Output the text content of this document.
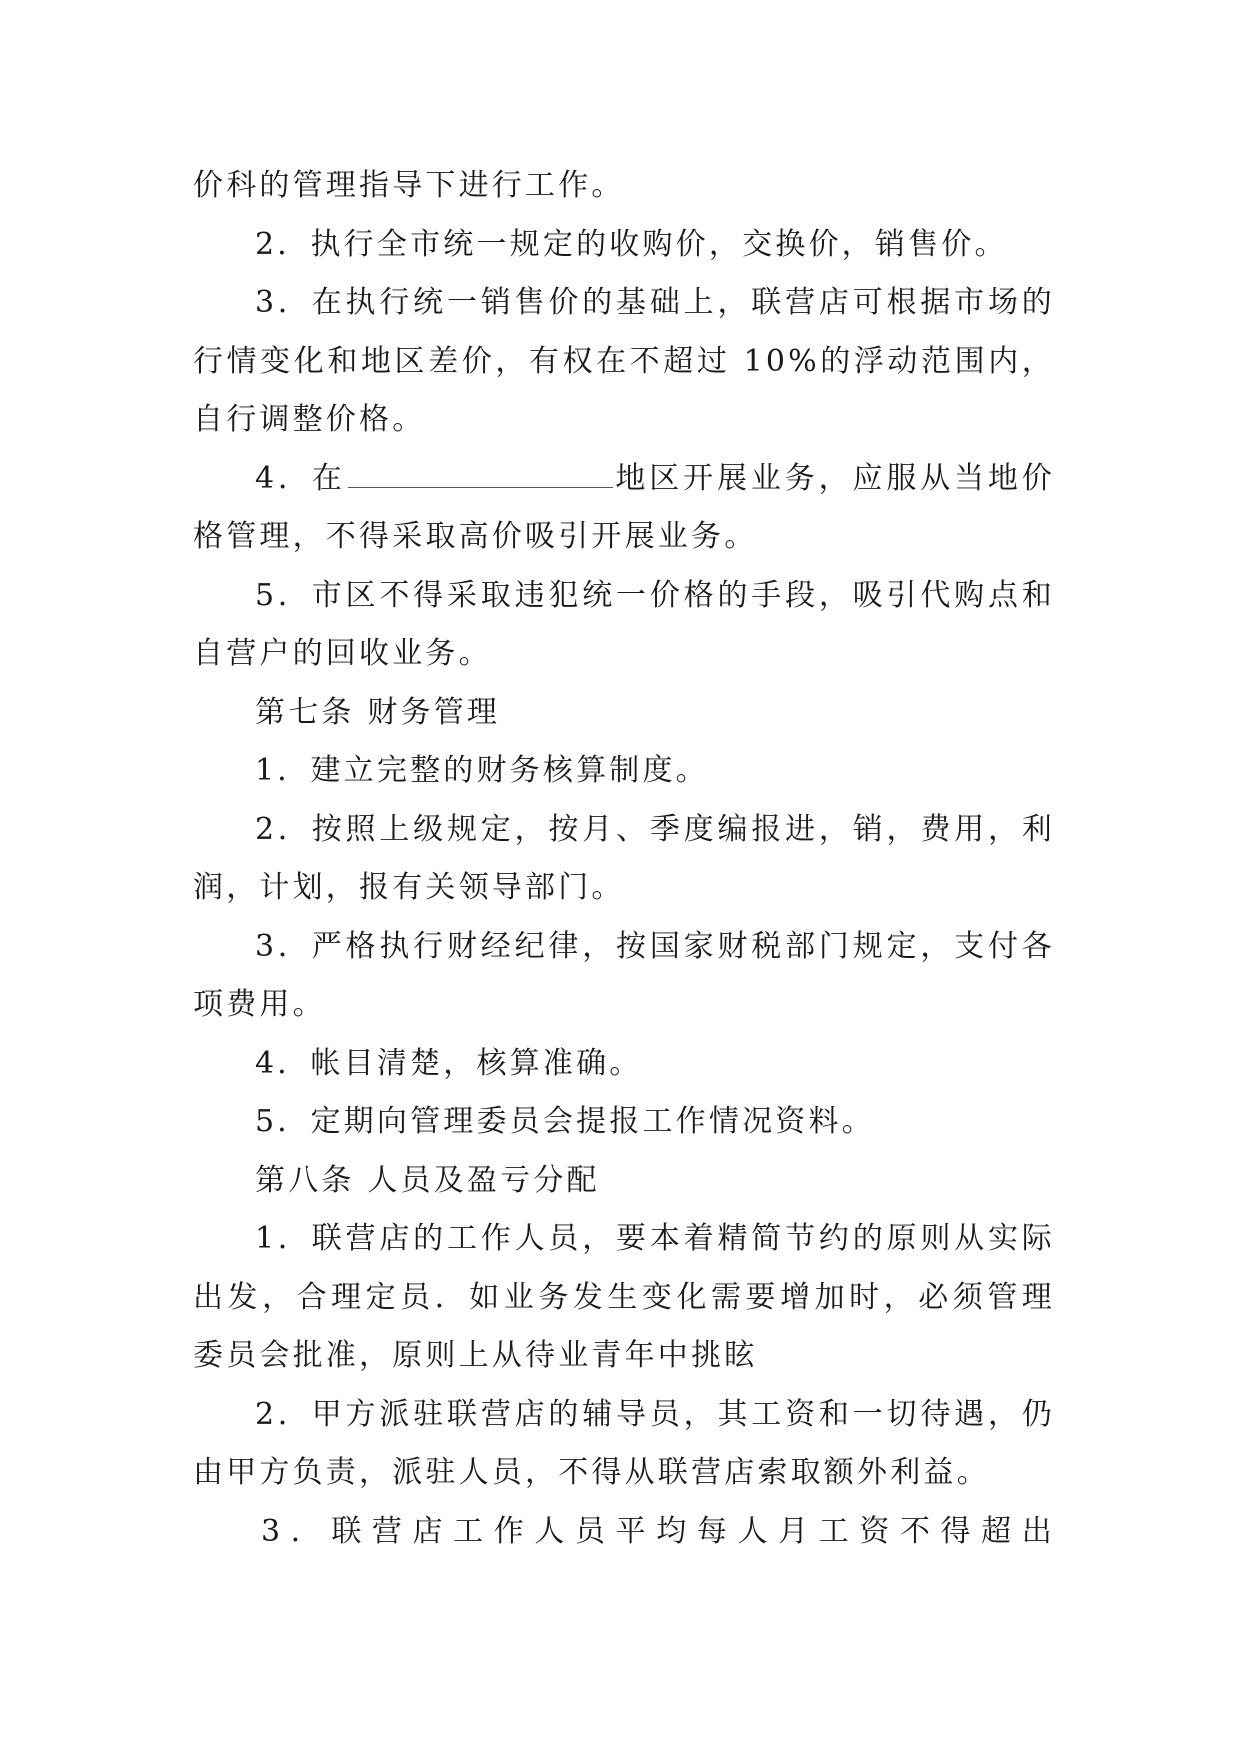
价科的管理指导下进行工作。

2．执行全市统一规定的收购价，交换价，销售价。

3．在执行统一销售价的基础上，联营店可根据市场的行情变化和地区差价，有权在不超过 10%的浮动范围内，自行调整价格。

4．在	地区开展业务，应服从当地价格管理，不得采取高价吸引开展业务。

5．市区不得采取违犯统一价格的手段，吸引代购点和自营户的回收业务。

第七条 财务管理

1．建立完整的财务核算制度。

2．按照上级规定，按月、季度编报进，销，费用，利润，计划，报有关领导部门。

3．严格执行财经纪律，按国家财税部门规定，支付各项费用。

4．帐目清楚，核算准确。

5．定期向管理委员会提报工作情况资料。

第八条 人员及盈亏分配

1．联营店的工作人员，要本着精简节约的原则从实际出发，合理定员．如业务发生变化需要增加时，必须管理委员会批准，原则上从待业青年中挑眩

2．甲方派驻联营店的辅导员，其工资和一切待遇，仍由甲方负责，派驻人员，不得从联营店索取额外利益。

3．联营店工作人员平均每人月工资不得超出
